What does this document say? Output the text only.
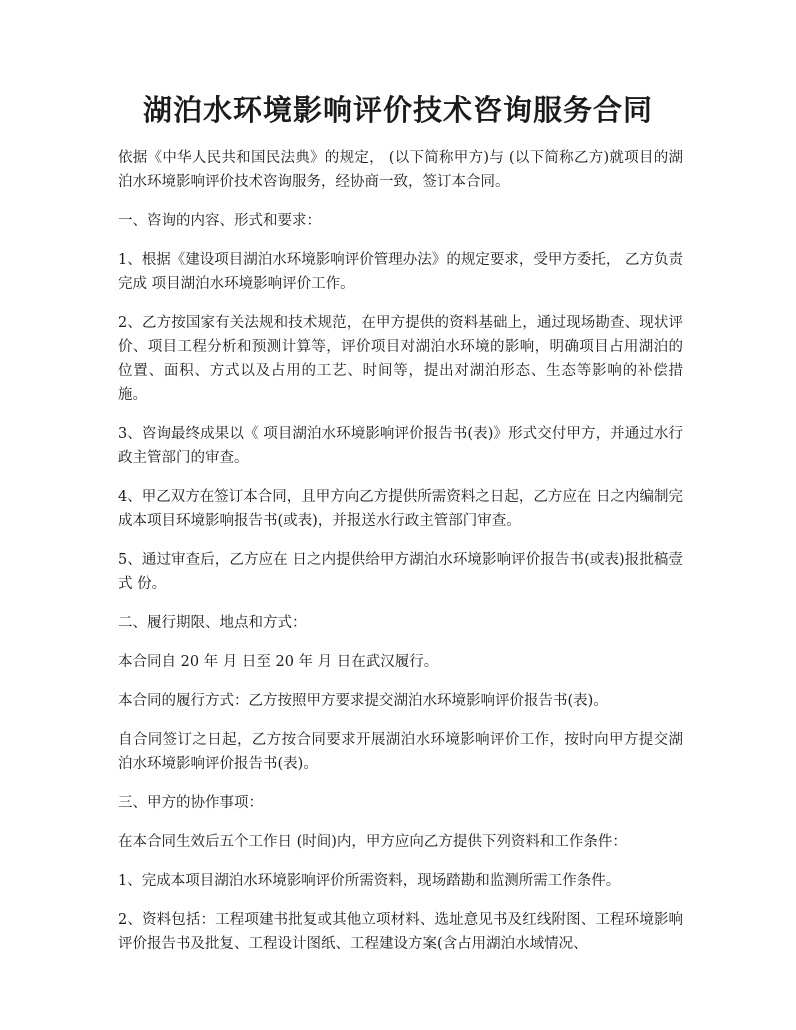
湖泊水环境影响评价技术咨询服务合同

依据《中华人民共和国民法典》的规定， (以下简称甲方)与 (以下简称乙方)就项目的湖泊水环境影响评价技术咨询服务，经协商一致，签订本合同。

一、咨询的内容、形式和要求：

1、根据《建设项目湖泊水环境影响评价管理办法》的规定要求，受甲方委托， 乙方负责完成 项目湖泊水环境影响评价工作。

2、乙方按国家有关法规和技术规范，在甲方提供的资料基础上，通过现场勘查、现状评价、项目工程分析和预测计算等，评价项目对湖泊水环境的影响，明确项目占用湖泊的位置、面积、方式以及占用的工艺、时间等，提出对湖泊形态、生态等影响的补偿措施。

3、咨询最终成果以《 项目湖泊水环境影响评价报告书(表)》形式交付甲方，并通过水行政主管部门的审查。

4、甲乙双方在签订本合同，且甲方向乙方提供所需资料之日起，乙方应在 日之内编制完成本项目环境影响报告书(或表)，并报送水行政主管部门审查。

5、通过审查后，乙方应在 日之内提供给甲方湖泊水环境影响评价报告书(或表)报批稿壹式 份。

二、履行期限、地点和方式：

本合同自 20 年 月 日至 20 年 月 日在武汉履行。

本合同的履行方式：乙方按照甲方要求提交湖泊水环境影响评价报告书(表)。

自合同签订之日起，乙方按合同要求开展湖泊水环境影响评价工作，按时向甲方提交湖泊水环境影响评价报告书(表)。

三、甲方的协作事项：

在本合同生效后五个工作日 (时间)内，甲方应向乙方提供下列资料和工作条件：

1、完成本项目湖泊水环境影响评价所需资料，现场踏勘和监测所需工作条件。

2、资料包括：工程项建书批复或其他立项材料、选址意见书及红线附图、工程环境影响评价报告书及批复、工程设计图纸、工程建设方案(含占用湖泊水域情况、
